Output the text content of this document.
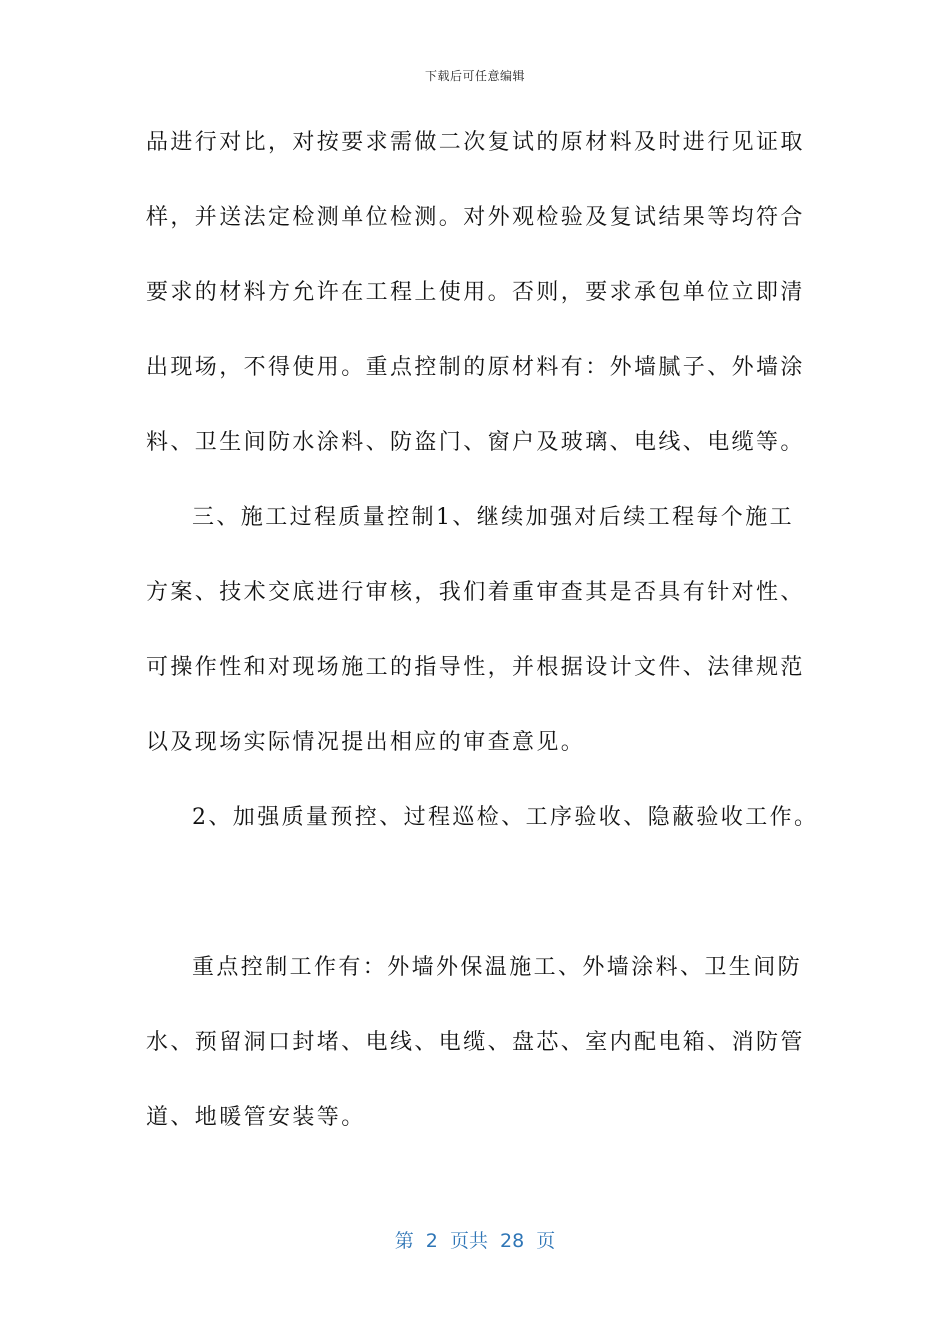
下载后可任意编辑
品进行对比，对按要求需做二次复试的原材料及时进行见证取
样，并送法定检测单位检测。对外观检验及复试结果等均符合
要求的材料方允许在工程上使用。否则，要求承包单位立即清
出现场，不得使用。重点控制的原材料有：外墙腻子、外墙涂
料、卫生间防水涂料、防盗门、窗户及玻璃、电线、电缆等。
三、施工过程质量控制1、继续加强对后续工程每个施工
方案、技术交底进行审核，我们着重审查其是否具有针对性、
可操作性和对现场施工的指导性，并根据设计文件、法律规范
以及现场实际情况提出相应的审查意见。
2、加强质量预控、过程巡检、工序验收、隐蔽验收工作。
重点控制工作有：外墙外保温施工、外墙涂料、卫生间防
水、预留洞口封堵、电线、电缆、盘芯、室内配电箱、消防管
道、地暖管安装等。
第  2  页共  28  页
